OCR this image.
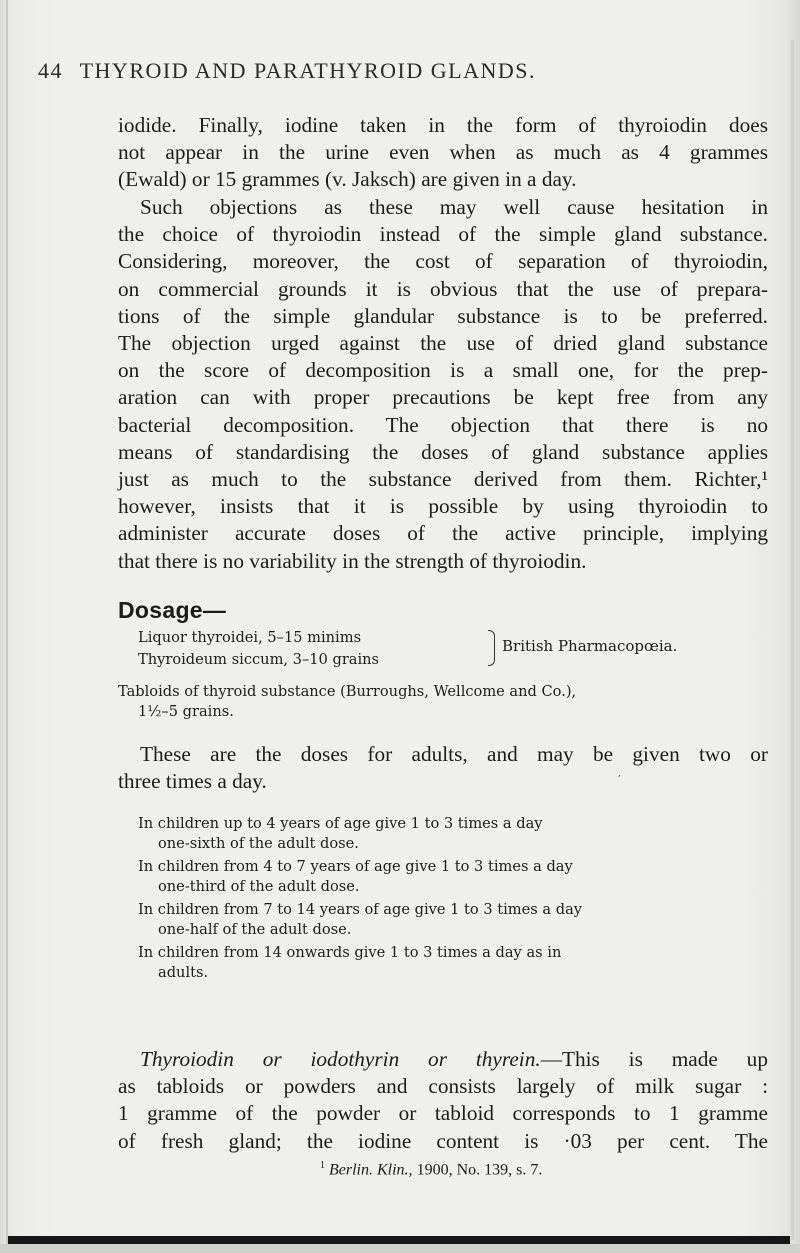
44 THYROID AND PARATHYROID GLANDS.

iodide. Finally, iodine taken in the form of thyroiodin does
not appear in the urine even when as much as 4 grammes
(Ewald) or 15 grammes (v. Jaksch) are given in a day.

Such objections as these may well cause hesitation in
the choice of thyroiodin instead of the simple gland substance.
Considering, moreover, the cost of separation of thyroiodin,
on commercial grounds it is obvious that the use of prepara-
tions of the simple glandular substance is to be preferred.
The objection urged against the use of dried gland substance
on the score of decomposition is a small one, for the prep-
aration can with proper precautions be kept free from any
bacterial decomposition. The objection that there is no
means of standardising the doses of gland substance applies
just as much to the substance derived from them. Richter,¹
however, insists that it is possible by using thyroiodin to
administer accurate doses of the active principle, implying
that there is no variability in the strength of thyroiodin.

Dosage—
Liquor thyroidei, 5–15 minims
Thyroideum siccum, 3–10 grains
British Pharmacopœia.
Tabloids of thyroid substance (Burroughs, Wellcome and Co.),
1½–5 grains.

These are the doses for adults, and may be given two or
three times a day.	′
In children up to 4 years of age give 1 to 3 times a day
one-sixth of the adult dose.
In children from 4 to 7 years of age give 1 to 3 times a day
one-third of the adult dose.
In children from 7 to 14 years of age give 1 to 3 times a day
one-half of the adult dose.
In children from 14 onwards give 1 to 3 times a day as in
adults.

Thyroiodin or iodothyrin or thyrein.—This is made up
as tabloids or powders and consists largely of milk sugar :
1 gramme of the powder or tabloid corresponds to 1 gramme
of fresh gland; the iodine content is ·03 per cent. The

$^1$ Berlin. Klin., 1900, No. 139, s. 7.
